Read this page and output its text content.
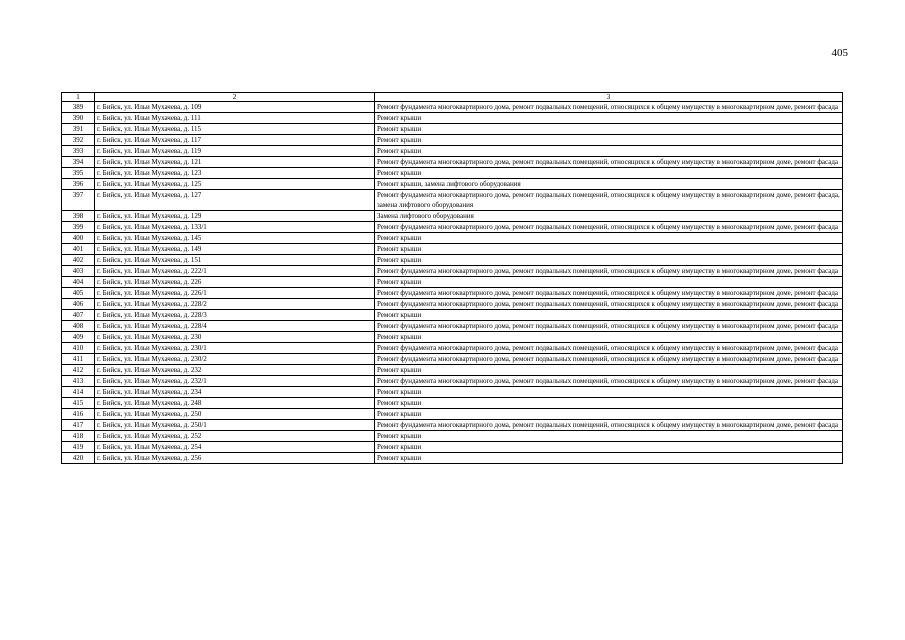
405
1	2	3
389	г. Бийск, ул. Ильи Мухачева, д. 109	Ремонт фундамента многоквартирного дома, ремонт подвальных помещений, относящихся к общему имуществу в многоквартирном доме, ремонт фасада
390	г. Бийск, ул. Ильи Мухачева, д. 111	Ремонт крыши
391	г. Бийск, ул. Ильи Мухачева, д. 115	Ремонт крыши
392	г. Бийск, ул. Ильи Мухачева, д. 117	Ремонт крыши
393	г. Бийск, ул. Ильи Мухачева, д. 119	Ремонт крыши
394	г. Бийск, ул. Ильи Мухачева, д. 121	Ремонт фундамента многоквартирного дома, ремонт подвальных помещений, относящихся к общему имуществу в многоквартирном доме, ремонт фасада
395	г. Бийск, ул. Ильи Мухачева, д. 123	Ремонт крыши
396	г. Бийск, ул. Ильи Мухачева, д. 125	Ремонт крыши, замена лифтового оборудования
397	г. Бийск, ул. Ильи Мухачева, д. 127	Ремонт фундамента многоквартирного дома, ремонт подвальных помещений, относящихся к общему имуществу в многоквартирном доме, ремонт фасада, замена лифтового оборудования
398	г. Бийск, ул. Ильи Мухачева, д. 129	Замена лифтового оборудования
399	г. Бийск, ул. Ильи Мухачева, д. 133/1	Ремонт фундамента многоквартирного дома, ремонт подвальных помещений, относящихся к общему имуществу в многоквартирном доме, ремонт фасада
400	г. Бийск, ул. Ильи Мухачева, д. 145	Ремонт крыши
401	г. Бийск, ул. Ильи Мухачева, д. 149	Ремонт крыши
402	г. Бийск, ул. Ильи Мухачева, д. 151	Ремонт крыши
403	г. Бийск, ул. Ильи Мухачева, д. 222/1	Ремонт фундамента многоквартирного дома, ремонт подвальных помещений, относящихся к общему имуществу в многоквартирном доме, ремонт фасада
404	г. Бийск, ул. Ильи Мухачева, д. 226	Ремонт крыши
405	г. Бийск, ул. Ильи Мухачева, д. 226/1	Ремонт фундамента многоквартирного дома, ремонт подвальных помещений, относящихся к общему имуществу в многоквартирном доме, ремонт фасада
406	г. Бийск, ул. Ильи Мухачева, д. 228/2	Ремонт фундамента многоквартирного дома, ремонт подвальных помещений, относящихся к общему имуществу в многоквартирном доме, ремонт фасада
407	г. Бийск, ул. Ильи Мухачева, д. 228/3	Ремонт крыши
408	г. Бийск, ул. Ильи Мухачева, д. 228/4	Ремонт фундамента многоквартирного дома, ремонт подвальных помещений, относящихся к общему имуществу в многоквартирном доме, ремонт фасада
409	г. Бийск, ул. Ильи Мухачева, д. 230	Ремонт крыши
410	г. Бийск, ул. Ильи Мухачева, д. 230/1	Ремонт фундамента многоквартирного дома, ремонт подвальных помещений, относящихся к общему имуществу в многоквартирном доме, ремонт фасада
411	г. Бийск, ул. Ильи Мухачева, д. 230/2	Ремонт фундамента многоквартирного дома, ремонт подвальных помещений, относящихся к общему имуществу в многоквартирном доме, ремонт фасада
412	г. Бийск, ул. Ильи Мухачева, д. 232	Ремонт крыши
413	г. Бийск, ул. Ильи Мухачева, д. 232/1	Ремонт фундамента многоквартирного дома, ремонт подвальных помещений, относящихся к общему имуществу в многоквартирном доме, ремонт фасада
414	г. Бийск, ул. Ильи Мухачева, д. 234	Ремонт крыши
415	г. Бийск, ул. Ильи Мухачева, д. 248	Ремонт крыши
416	г. Бийск, ул. Ильи Мухачева, д. 250	Ремонт крыши
417	г. Бийск, ул. Ильи Мухачева, д. 250/1	Ремонт фундамента многоквартирного дома, ремонт подвальных помещений, относящихся к общему имуществу в многоквартирном доме, ремонт фасада
418	г. Бийск, ул. Ильи Мухачева, д. 252	Ремонт крыши
419	г. Бийск, ул. Ильи Мухачева, д. 254	Ремонт крыши
420	г. Бийск, ул. Ильи Мухачева, д. 256	Ремонт крыши
